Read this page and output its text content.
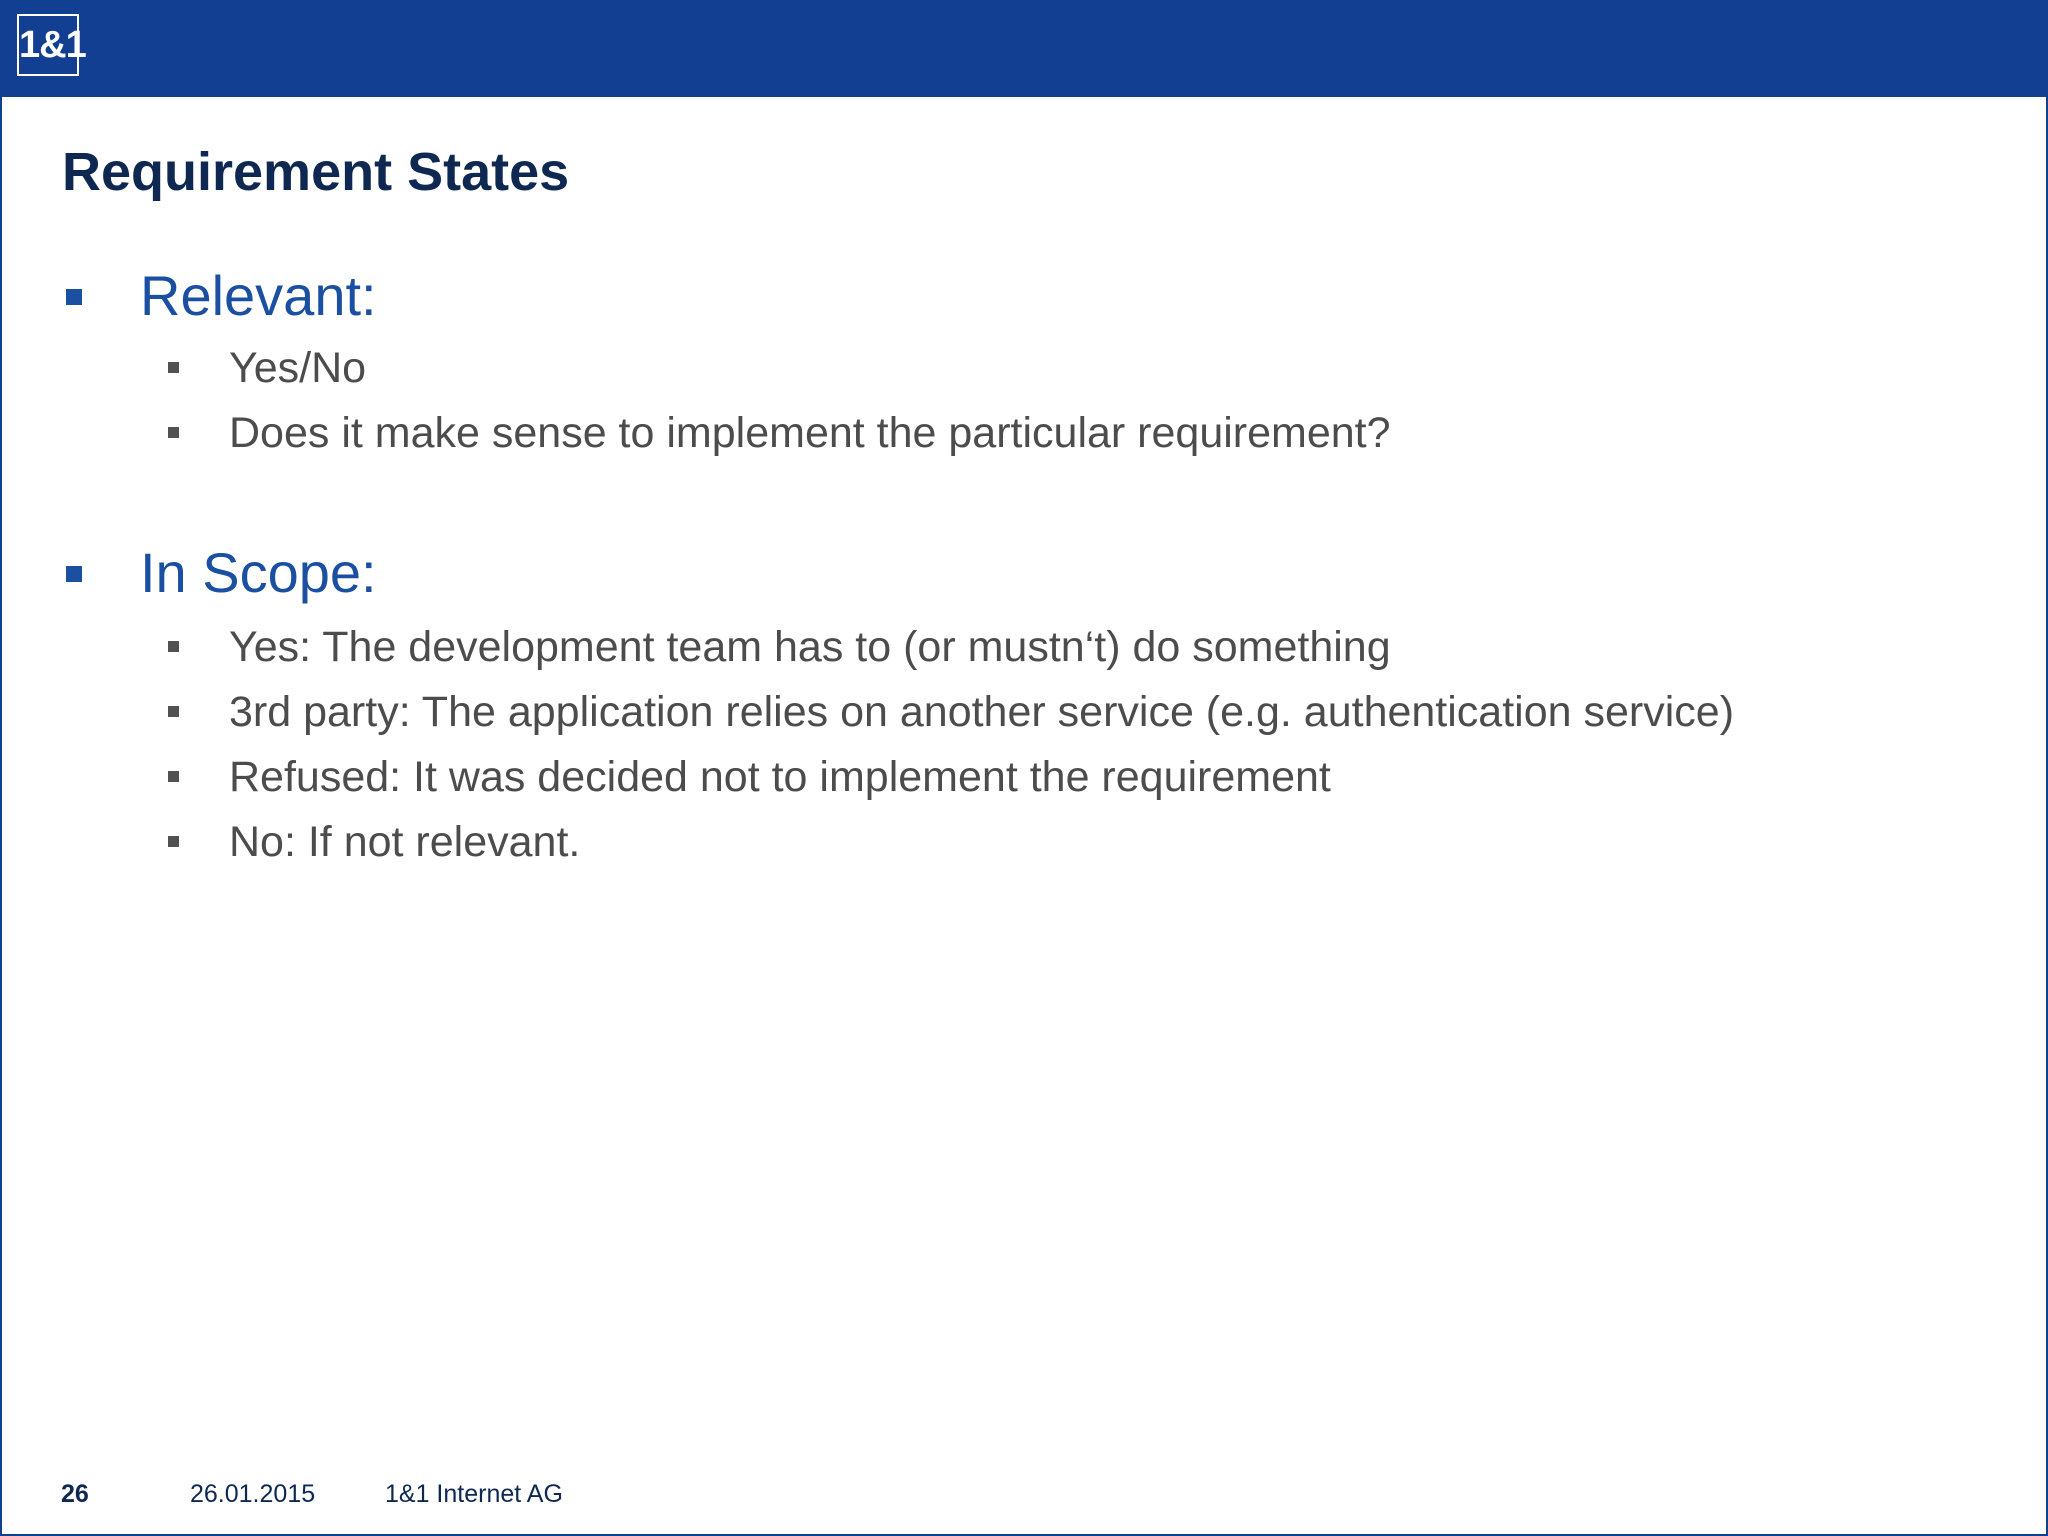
1&1
Requirement States
Relevant:
Yes/No
Does it make sense to implement the particular requirement?
In Scope:
Yes: The development team has to (or mustn‘t) do something
3rd party: The application relies on another service (e.g. authentication service)
Refused: It was decided not to implement the requirement
No: If not relevant.
26	26.01.2015	1&1 Internet AG
